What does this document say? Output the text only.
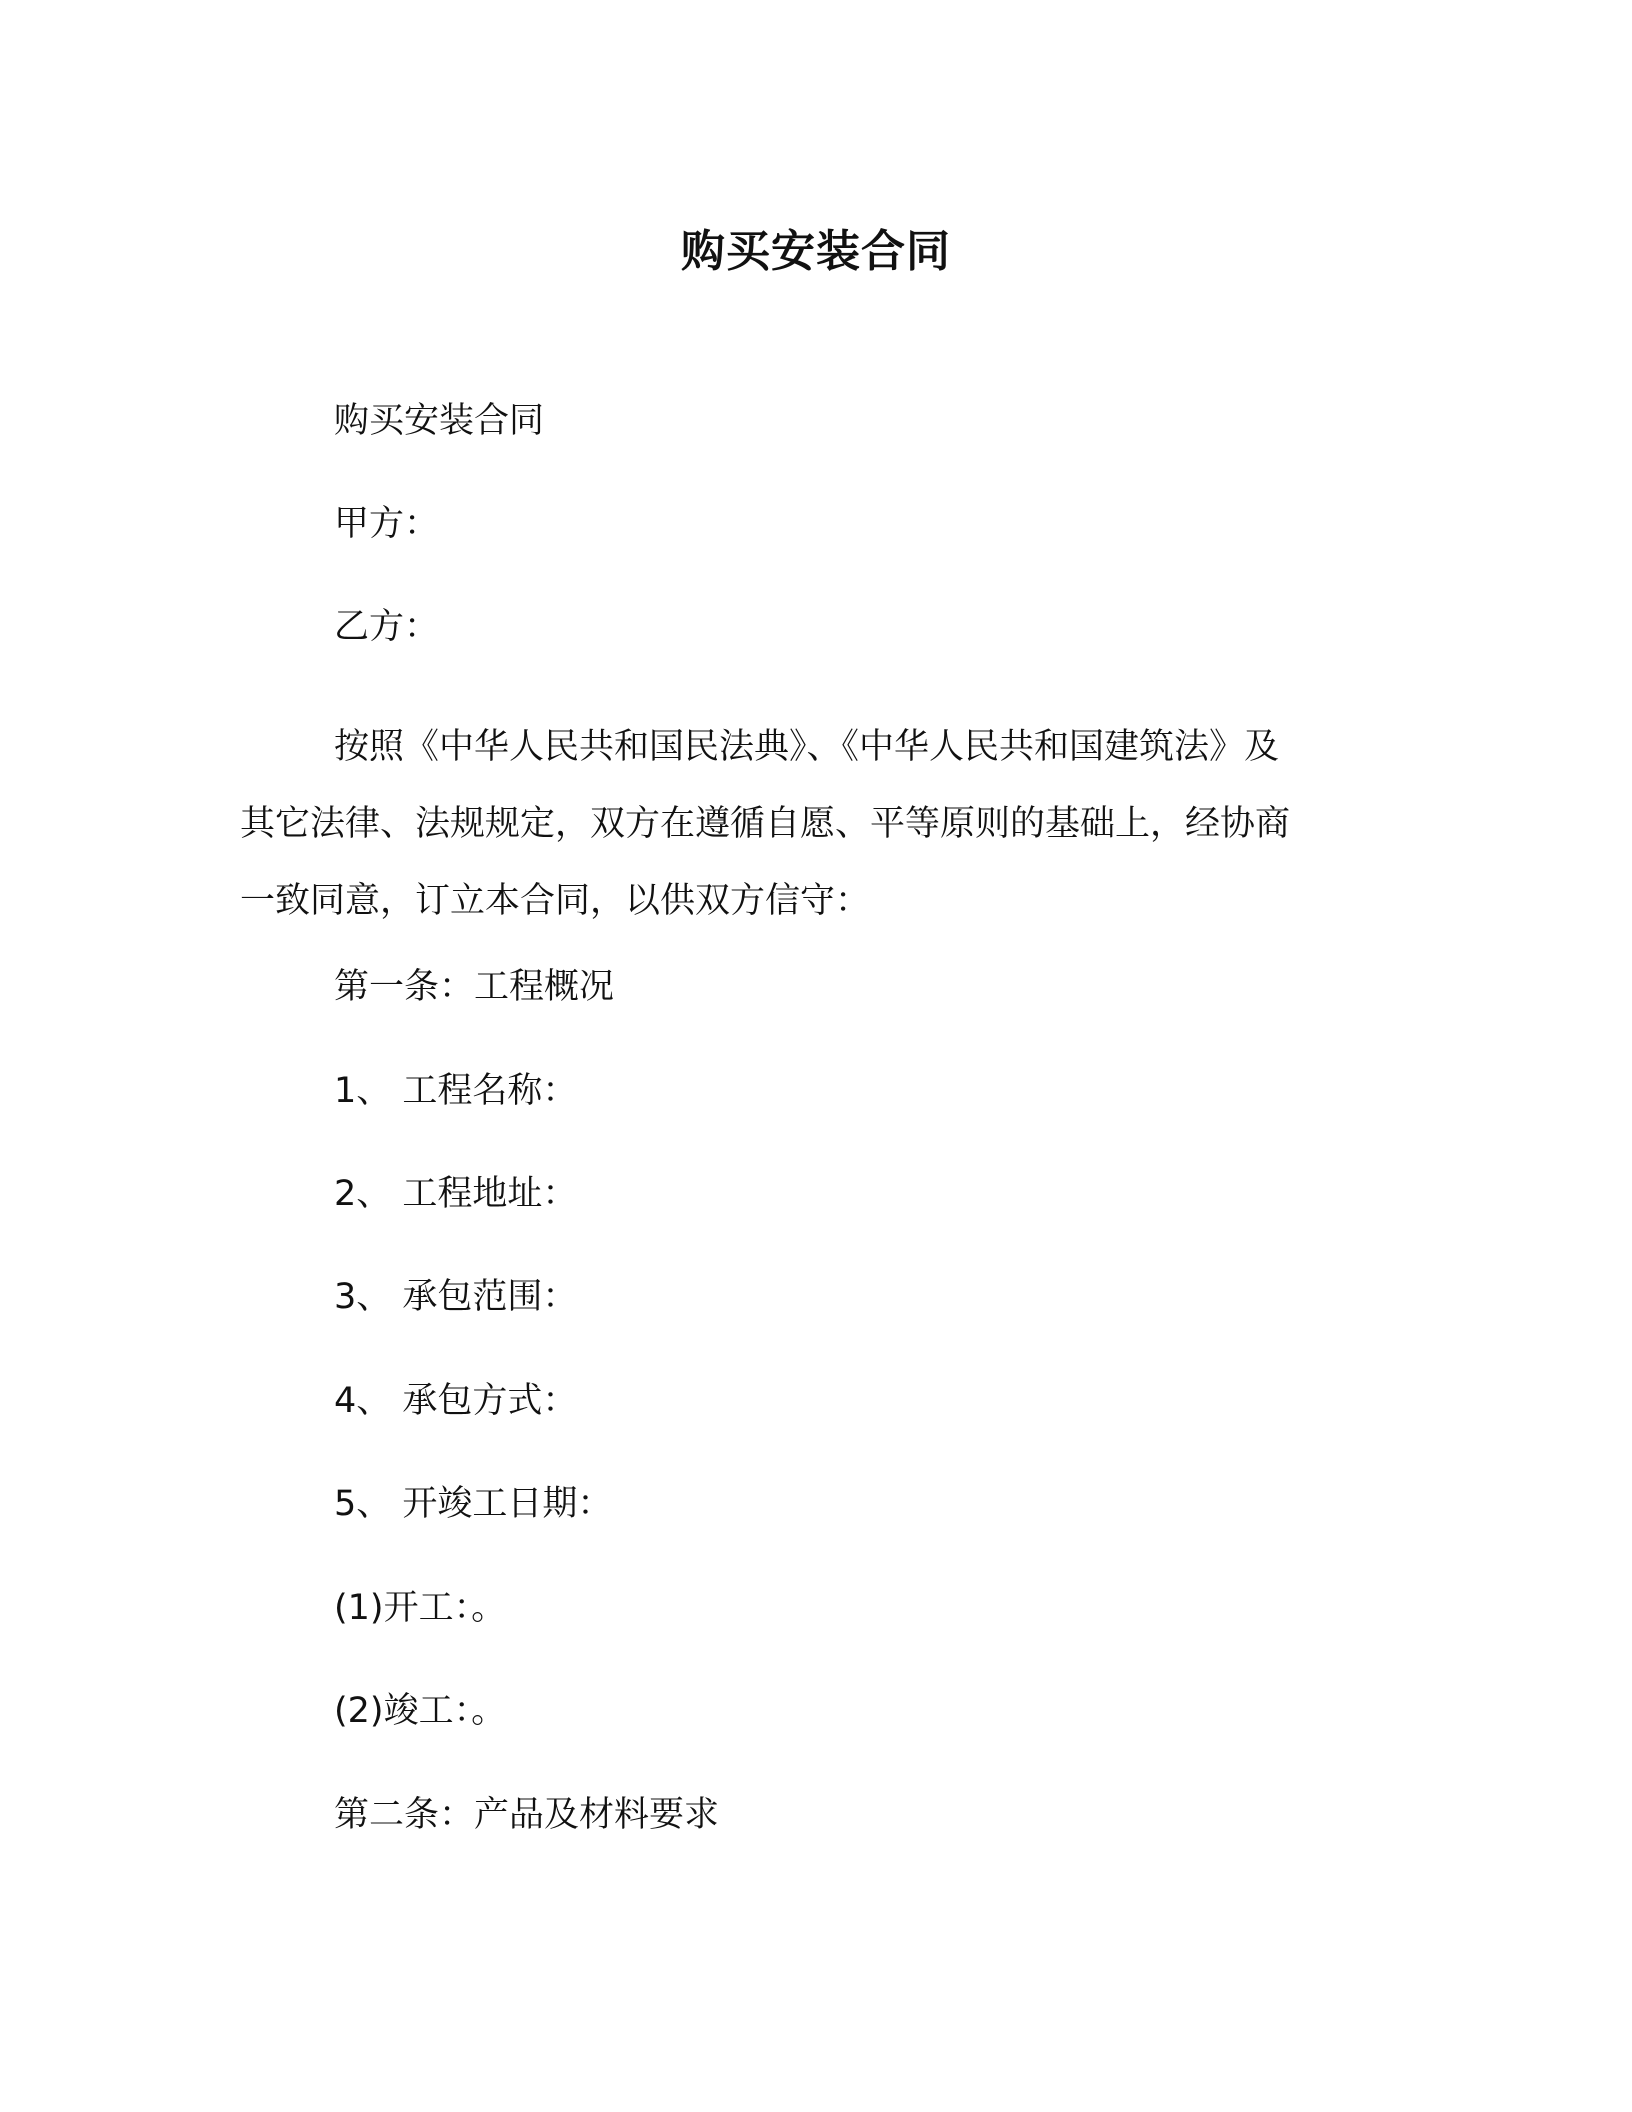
购买安装合同
购买安装合同
甲方：
乙方：
按照《中华人民共和国民法典》、《中华人民共和国建筑法》及
其它法律、法规规定，双方在遵循自愿、平等原则的基础上，经协商
一致同意，订立本合同，以供双方信守：
第一条：工程概况
1、 工程名称：
2、 工程地址：
3、 承包范围：
4、 承包方式：
5、 开竣工日期：
(1)开工：。
(2)竣工：。
第二条：产品及材料要求
